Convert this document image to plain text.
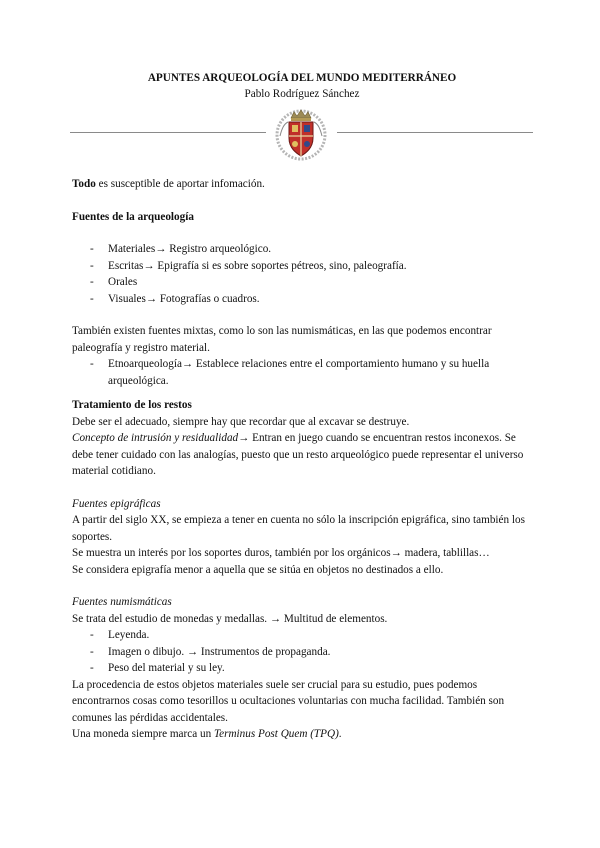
APUNTES ARQUEOLOGÍA DEL MUNDO MEDITERRÁNEO
Pablo Rodríguez Sánchez

Todo es susceptible de aportar infomación.

Fuentes de la arqueología

- Materiales→ Registro arqueológico.
- Escritas→ Epigrafía si es sobre soportes pétreos, sino, paleografía.
- Orales
- Visuales→ Fotografías o cuadros.

También existen fuentes mixtas, como lo son las numismáticas, en las que podemos encontrar paleografía y registro material.

- Etnoarqueología→ Establece relaciones entre el comportamiento humano y su huella arqueológica.

Tratamiento de los restos

Debe ser el adecuado, siempre hay que recordar que al excavar se destruye.

Concepto de intrusión y residualidad→ Entran en juego cuando se encuentran restos inconexos. Se debe tener cuidado con las analogías, puesto que un resto arqueológico puede representar el universo material cotidiano.

Fuentes epigráficas

A partir del siglo XX, se empieza a tener en cuenta no sólo la inscripción epigráfica, sino también los soportes.

Se muestra un interés por los soportes duros, también por los orgánicos→ madera, tablillas…

Se considera epigrafía menor a aquella que se sitúa en objetos no destinados a ello.

Fuentes numismáticas

Se trata del estudio de monedas y medallas. → Multitud de elementos.

- Leyenda.
- Imagen o dibujo. → Instrumentos de propaganda.
- Peso del material y su ley.

La procedencia de estos objetos materiales suele ser crucial para su estudio, pues podemos encontrarnos cosas como tesorillos u ocultaciones voluntarias con mucha facilidad. También son comunes las pérdidas accidentales.

Una moneda siempre marca un Terminus Post Quem (TPQ).
